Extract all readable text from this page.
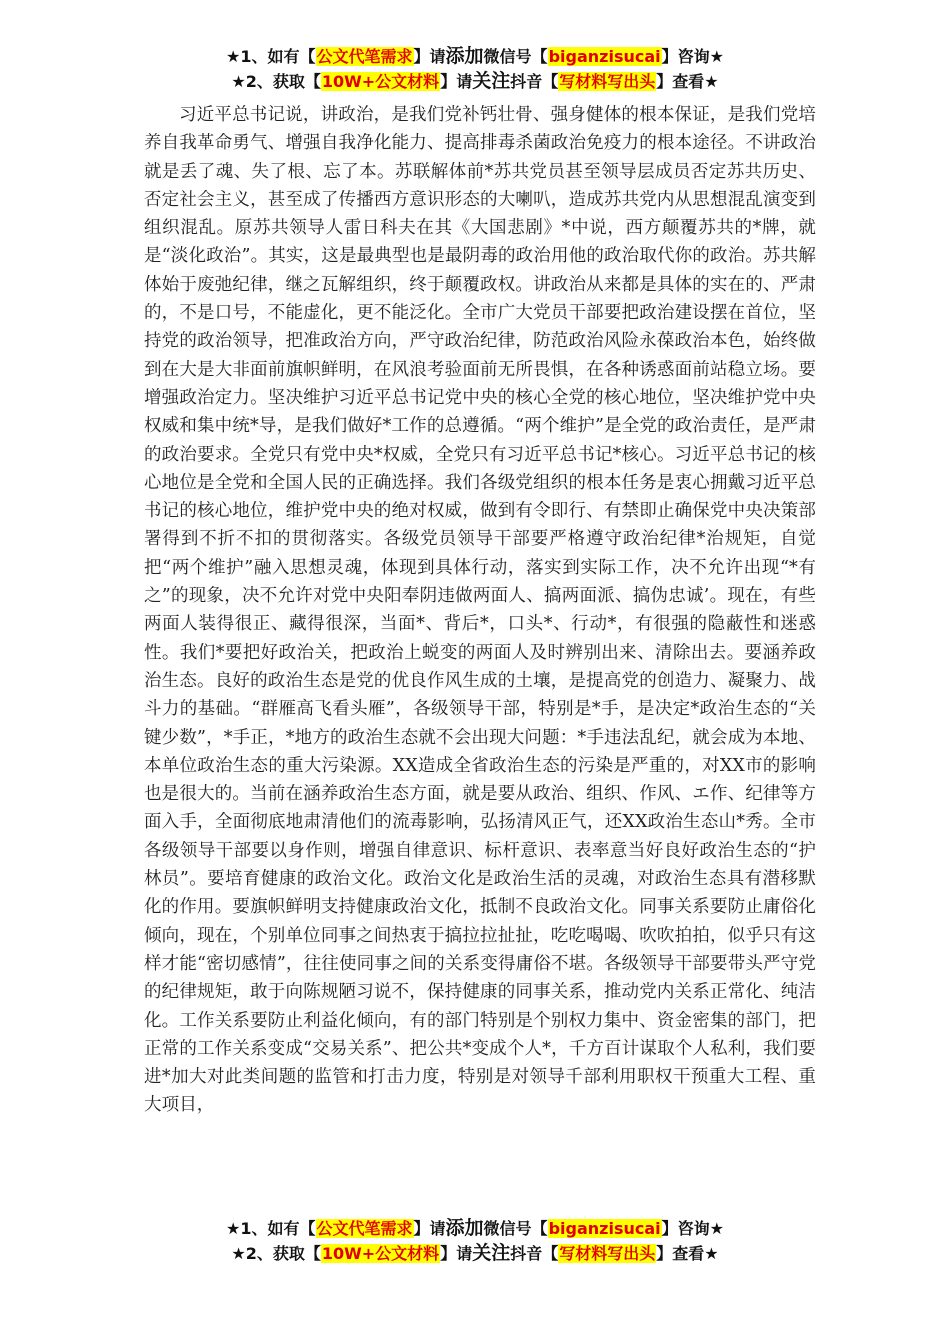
★1、如有【公文代笔需求】请添加微信号【biganzisucai】咨询★
★2、获取【10W+公文材料】请关注抖音【写材料写出头】查看★
习近平总书记说，讲政治，是我们党补钙壮骨、强身健体的根本保证，是我们党培养自我革命勇气、增强自我净化能力、提高排毒杀菌政治免疫力的根本途径。不讲政治就是丢了魂、失了根、忘了本。苏联解体前*苏共党员甚至领导层成员否定苏共历史、否定社会主义，甚至成了传播西方意识形态的大喇叭，造成苏共党内从思想混乱演变到组织混乱。原苏共领导人雷日科夫在其《大国悲剧》*中说，西方颠覆苏共的*牌，就是“淡化政治”。其实，这是最典型也是最阴毒的政治用他的政治取代你的政治。苏共解体始于废弛纪律，继之瓦解组织，终于颠覆政权。讲政治从来都是具体的实在的、严肃的，不是口号，不能虚化，更不能泛化。全市广大党员干部要把政治建设摆在首位，坚持党的政治领导，把准政治方向，严守政治纪律，防范政治风险永葆政治本色，始终做到在大是大非面前旗帜鲜明，在风浪考验面前无所畏惧，在各种诱惑面前站稳立场。要增强政治定力。坚决维护习近平总书记党中央的核心全党的核心地位，坚决维护党中央权威和集中统*导，是我们做好*工作的总遵循。“两个维护”是全党的政治责任，是严肃的政治要求。全党只有党中央*权威，全党只有习近平总书记*核心。习近平总书记的核心地位是全党和全国人民的正确选择。我们各级党组织的根本任务是衷心拥戴习近平总书记的核心地位，维护党中央的绝对权威，做到有令即行、有禁即止确保党中央决策部署得到不折不扣的贯彻落实。各级党员领导干部要严格遵守政治纪律*治规矩，自觉把“两个维护”融入思想灵魂，体现到具体行动，落实到实际工作，决不允许出现“*有之”的现象，决不允许对党中央阳奉阴违做两面人、搞两面派、搞伪忠诚’。现在，有些两面人装得很正、藏得很深，当面*、背后*，口头*、行动*，有很强的隐蔽性和迷惑性。我们*要把好政治关，把政治上蜕变的两面人及时辨别出来、清除出去。要涵养政治生态。良好的政治生态是党的优良作风生成的土壤，是提高党的创造力、凝聚力、战斗力的基础。“群雁高飞看头雁”，各级领导干部，特别是*手，是决定*政治生态的“关键少数”，*手正，*地方的政治生态就不会出现大问题：*手违法乱纪，就会成为本地、本单位政治生态的重大污染源。XX造成全省政治生态的污染是严重的，对XX市的影响也是很大的。当前在涵养政治生态方面，就是要从政治、组织、作风、エ作、纪律等方面入手，全面彻底地肃清他们的流毒影响，弘扬清风正气，还XX政治生态山*秀。全市各级领导干部要以身作则，增强自律意识、标杆意识、表率意当好良好政治生态的“护林员”。要培育健康的政治文化。政治文化是政治生活的灵魂，对政治生态具有潜移默化的作用。要旗帜鲜明支持健康政治文化，抵制不良政治文化。同事关系要防止庸俗化倾向，现在，个别单位同事之间热衷于搞拉拉扯扯，吃吃喝喝、吹吹拍拍，似乎只有这样才能“密切感情”，往往使同事之间的关系变得庸俗不堪。各级领导干部要带头严守党的纪律规矩，敢于向陈规陋习说不，保持健康的同事关系，推动党内关系正常化、纯洁化。工作关系要防止利益化倾向，有的部门特别是个别权力集中、资金密集的部门，把正常的工作关系变成“交易关系”、把公共*变成个人*，千方百计谋取个人私利，我们要进*加大对此类间题的监管和打击力度，特别是对领导千部利用职权干预重大工程、重大项目，
★1、如有【公文代笔需求】请添加微信号【biganzisucai】咨询★
★2、获取【10W+公文材料】请关注抖音【写材料写出头】查看★
